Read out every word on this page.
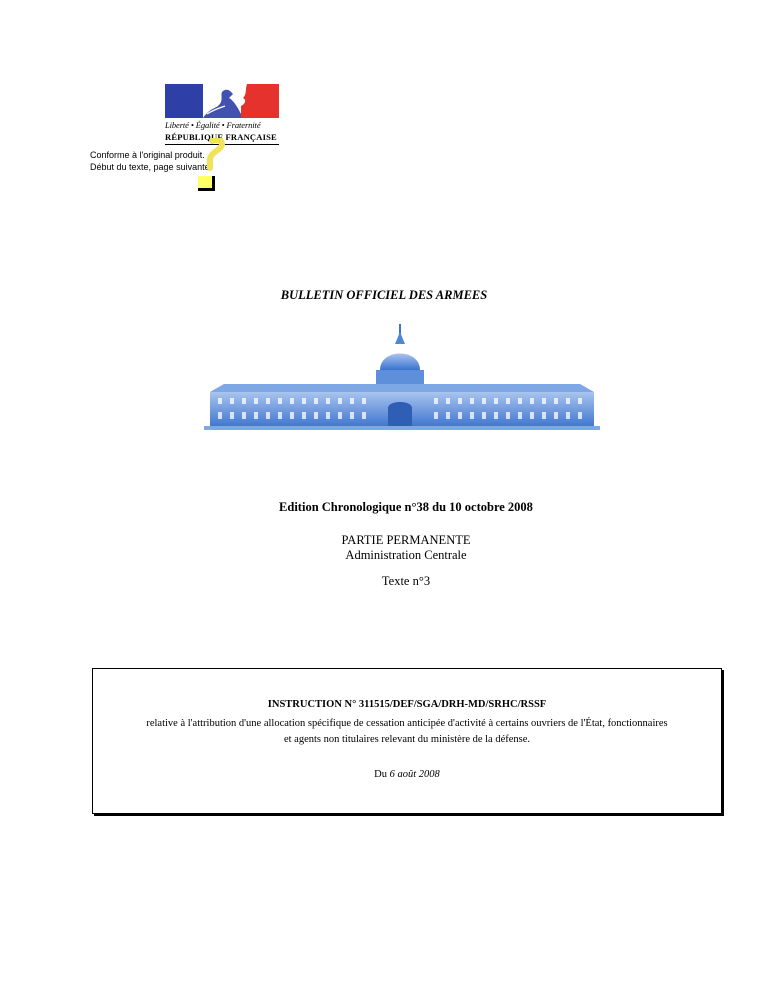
Liberté • Égalité • Fraternité
RÉPUBLIQUE FRANÇAISE
Conforme à l'original produit.
Début du texte, page suivante.
BULLETIN OFFICIEL DES ARMEES
Edition Chronologique n°38 du 10 octobre 2008
PARTIE PERMANENTE
Administration Centrale
Texte n°3
INSTRUCTION N° 311515/DEF/SGA/DRH-MD/SRHC/RSSF
relative à l'attribution d'une allocation spécifique de cessation anticipée d'activité à certains ouvriers de l'État, fonctionnaires
et agents non titulaires relevant du ministère de la défense.
Du 6 août 2008
